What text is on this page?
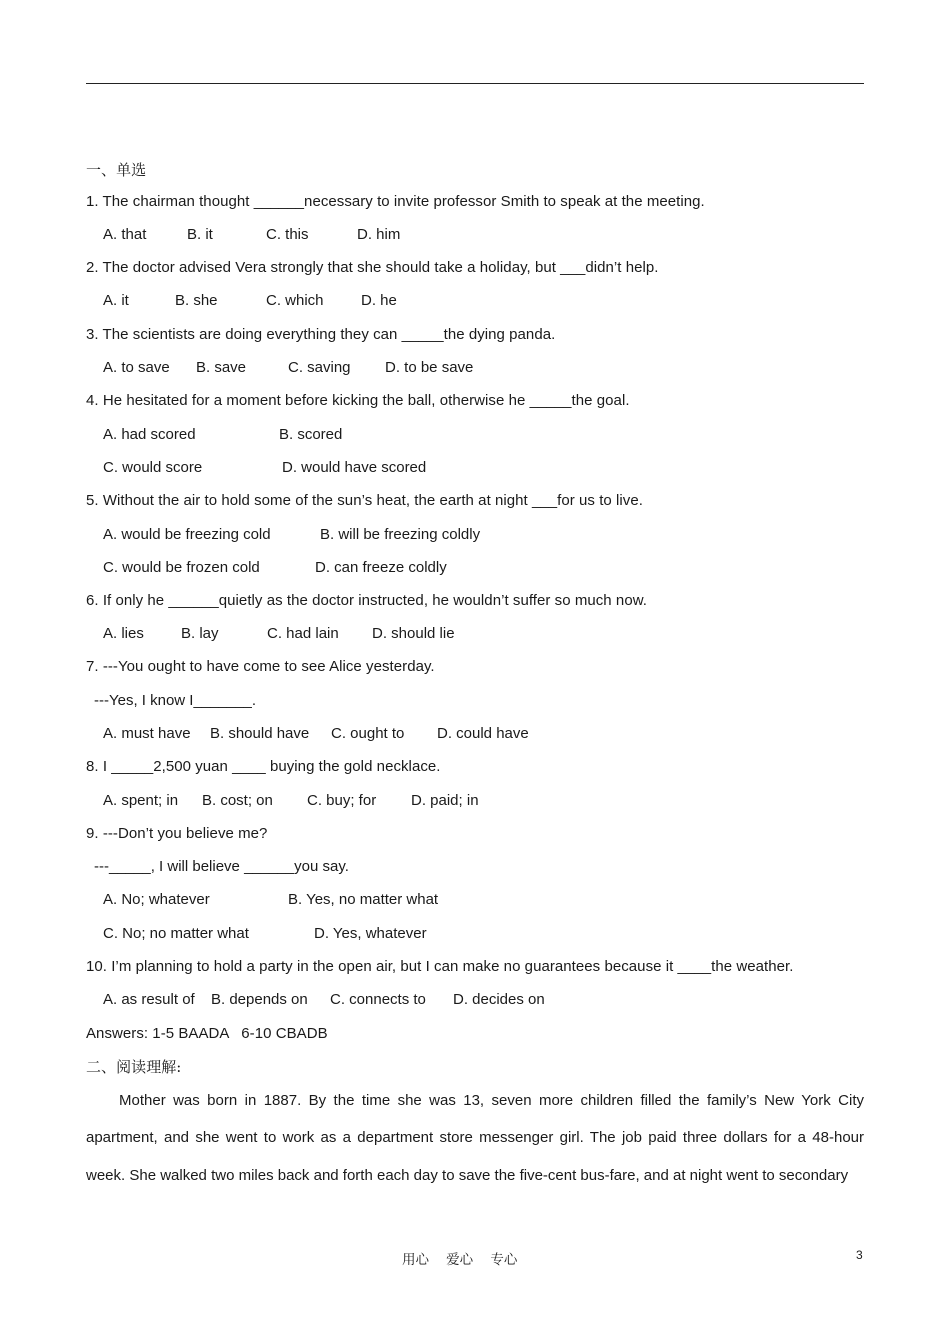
一、单选
1. The chairman thought ______necessary to invite professor Smith to speak at the meeting.
A. that	B. it	C. this	D. him
2. The doctor advised Vera strongly that she should take a holiday, but ___didn’t help.
A. it	B. she	C. which D. he
3. The scientists are doing everything they can _____the dying panda.
A. to save B. save	C. saving D. to be save
4. He hesitated for a moment before kicking the ball, otherwise he _____the goal.
A. had scored	B. scored
C. would score	D. would have scored
5. Without the air to hold some of the sun’s heat, the earth at night ___for us to live.
A. would be freezing cold	B. will be freezing coldly
C. would be frozen cold	D. can freeze coldly
6. If only he ______quietly as the doctor instructed, he wouldn’t suffer so much now.
A. lies B. lay	C. had lain D. should lie
7. ---You ought to have come to see Alice yesterday.
---Yes, I know I_______.
A. must have B. should have C. ought to D. could have
8. I _____2,500 yuan ____ buying the gold necklace.
A. spent; in B. cost; on C. buy; for D. paid; in
9. ---Don’t you believe me?
---_____, I will believe ______you say.
A. No; whatever	B. Yes, no matter what
C. No; no matter what	D. Yes, whatever
10. I’m planning to hold a party in the open air, but I can make no guarantees because it ____the weather.
A. as result of B. depends on C. connects to D. decides on
Answers: 1-5 BAADA   6-10 CBADB
二、阅读理解:
Mother was born in 1887. By the time she was 13, seven more children filled the family’s New York City apartment, and she went to work as a department store messenger girl. The job paid three dollars for a 48-hour week. She walked two miles back and forth each day to save the five-cent bus-fare, and at night went to secondary
用心    爱心    专心	3
